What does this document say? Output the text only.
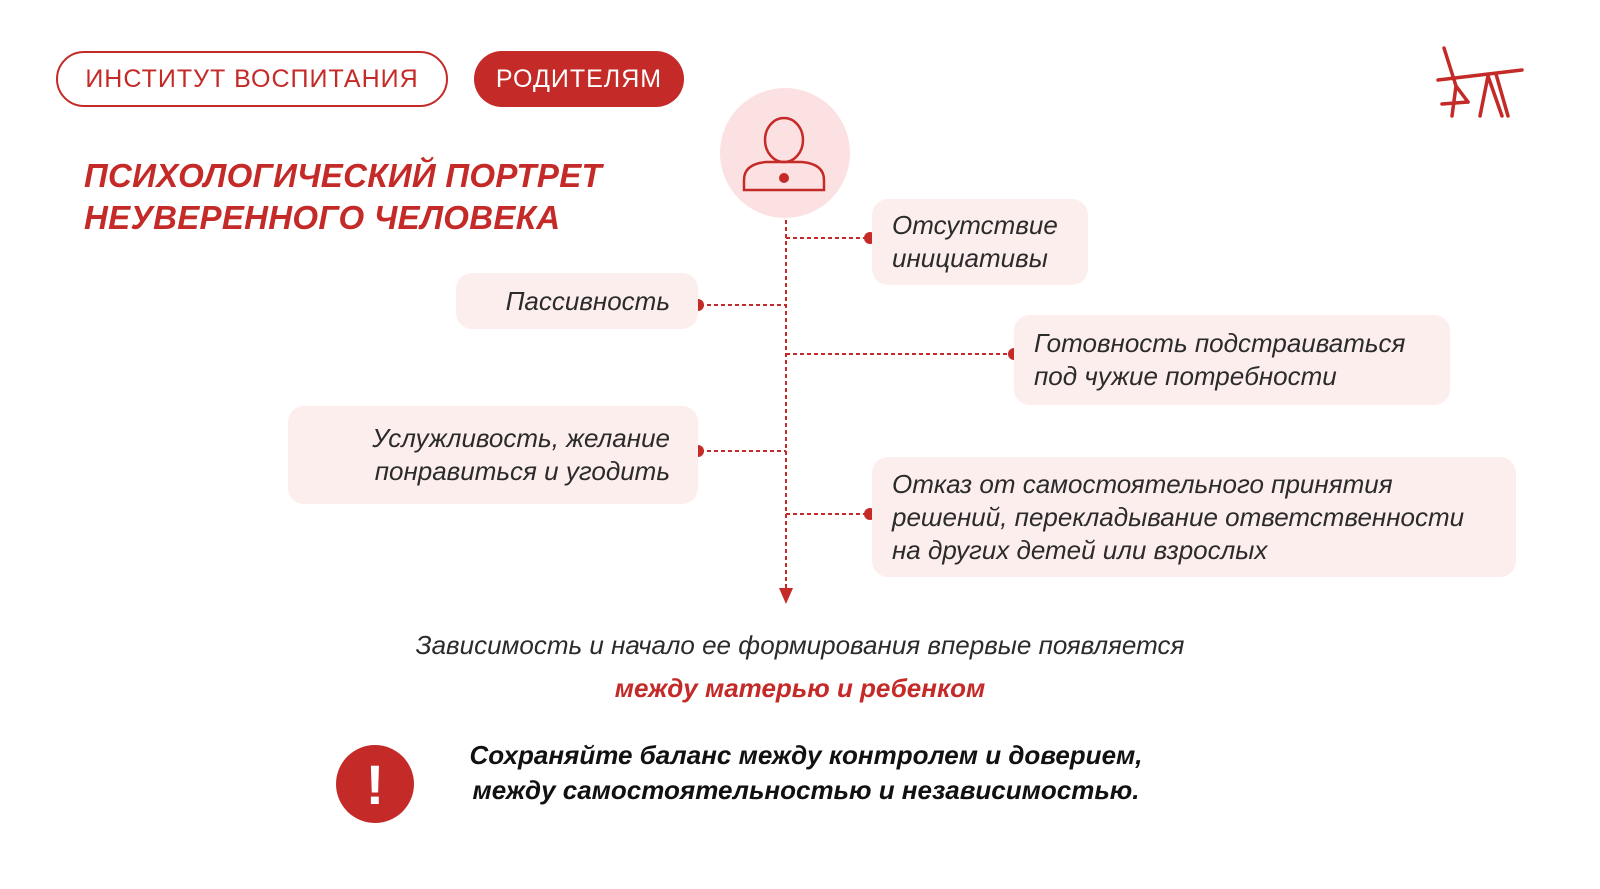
ИНСТИТУТ ВОСПИТАНИЯ	РОДИТЕЛЯМ
ПСИХОЛОГИЧЕСКИЙ ПОРТРЕТ НЕУВЕРЕННОГО ЧЕЛОВЕКА	Отсутствие
инициативы
Пассивность
Готовность подстраиваться
под чужие потребности
Услужливость, желание
понравиться и угодить	Отказ от самостоятельного принятия
решений, перекладывание ответственности
на других детей или взрослых
Зависимость и начало ее формирования впервые появляется
между матерью и ребенком
!	Сохраняйте баланс между контролем и доверием,
между самостоятельностью и независимостью.
